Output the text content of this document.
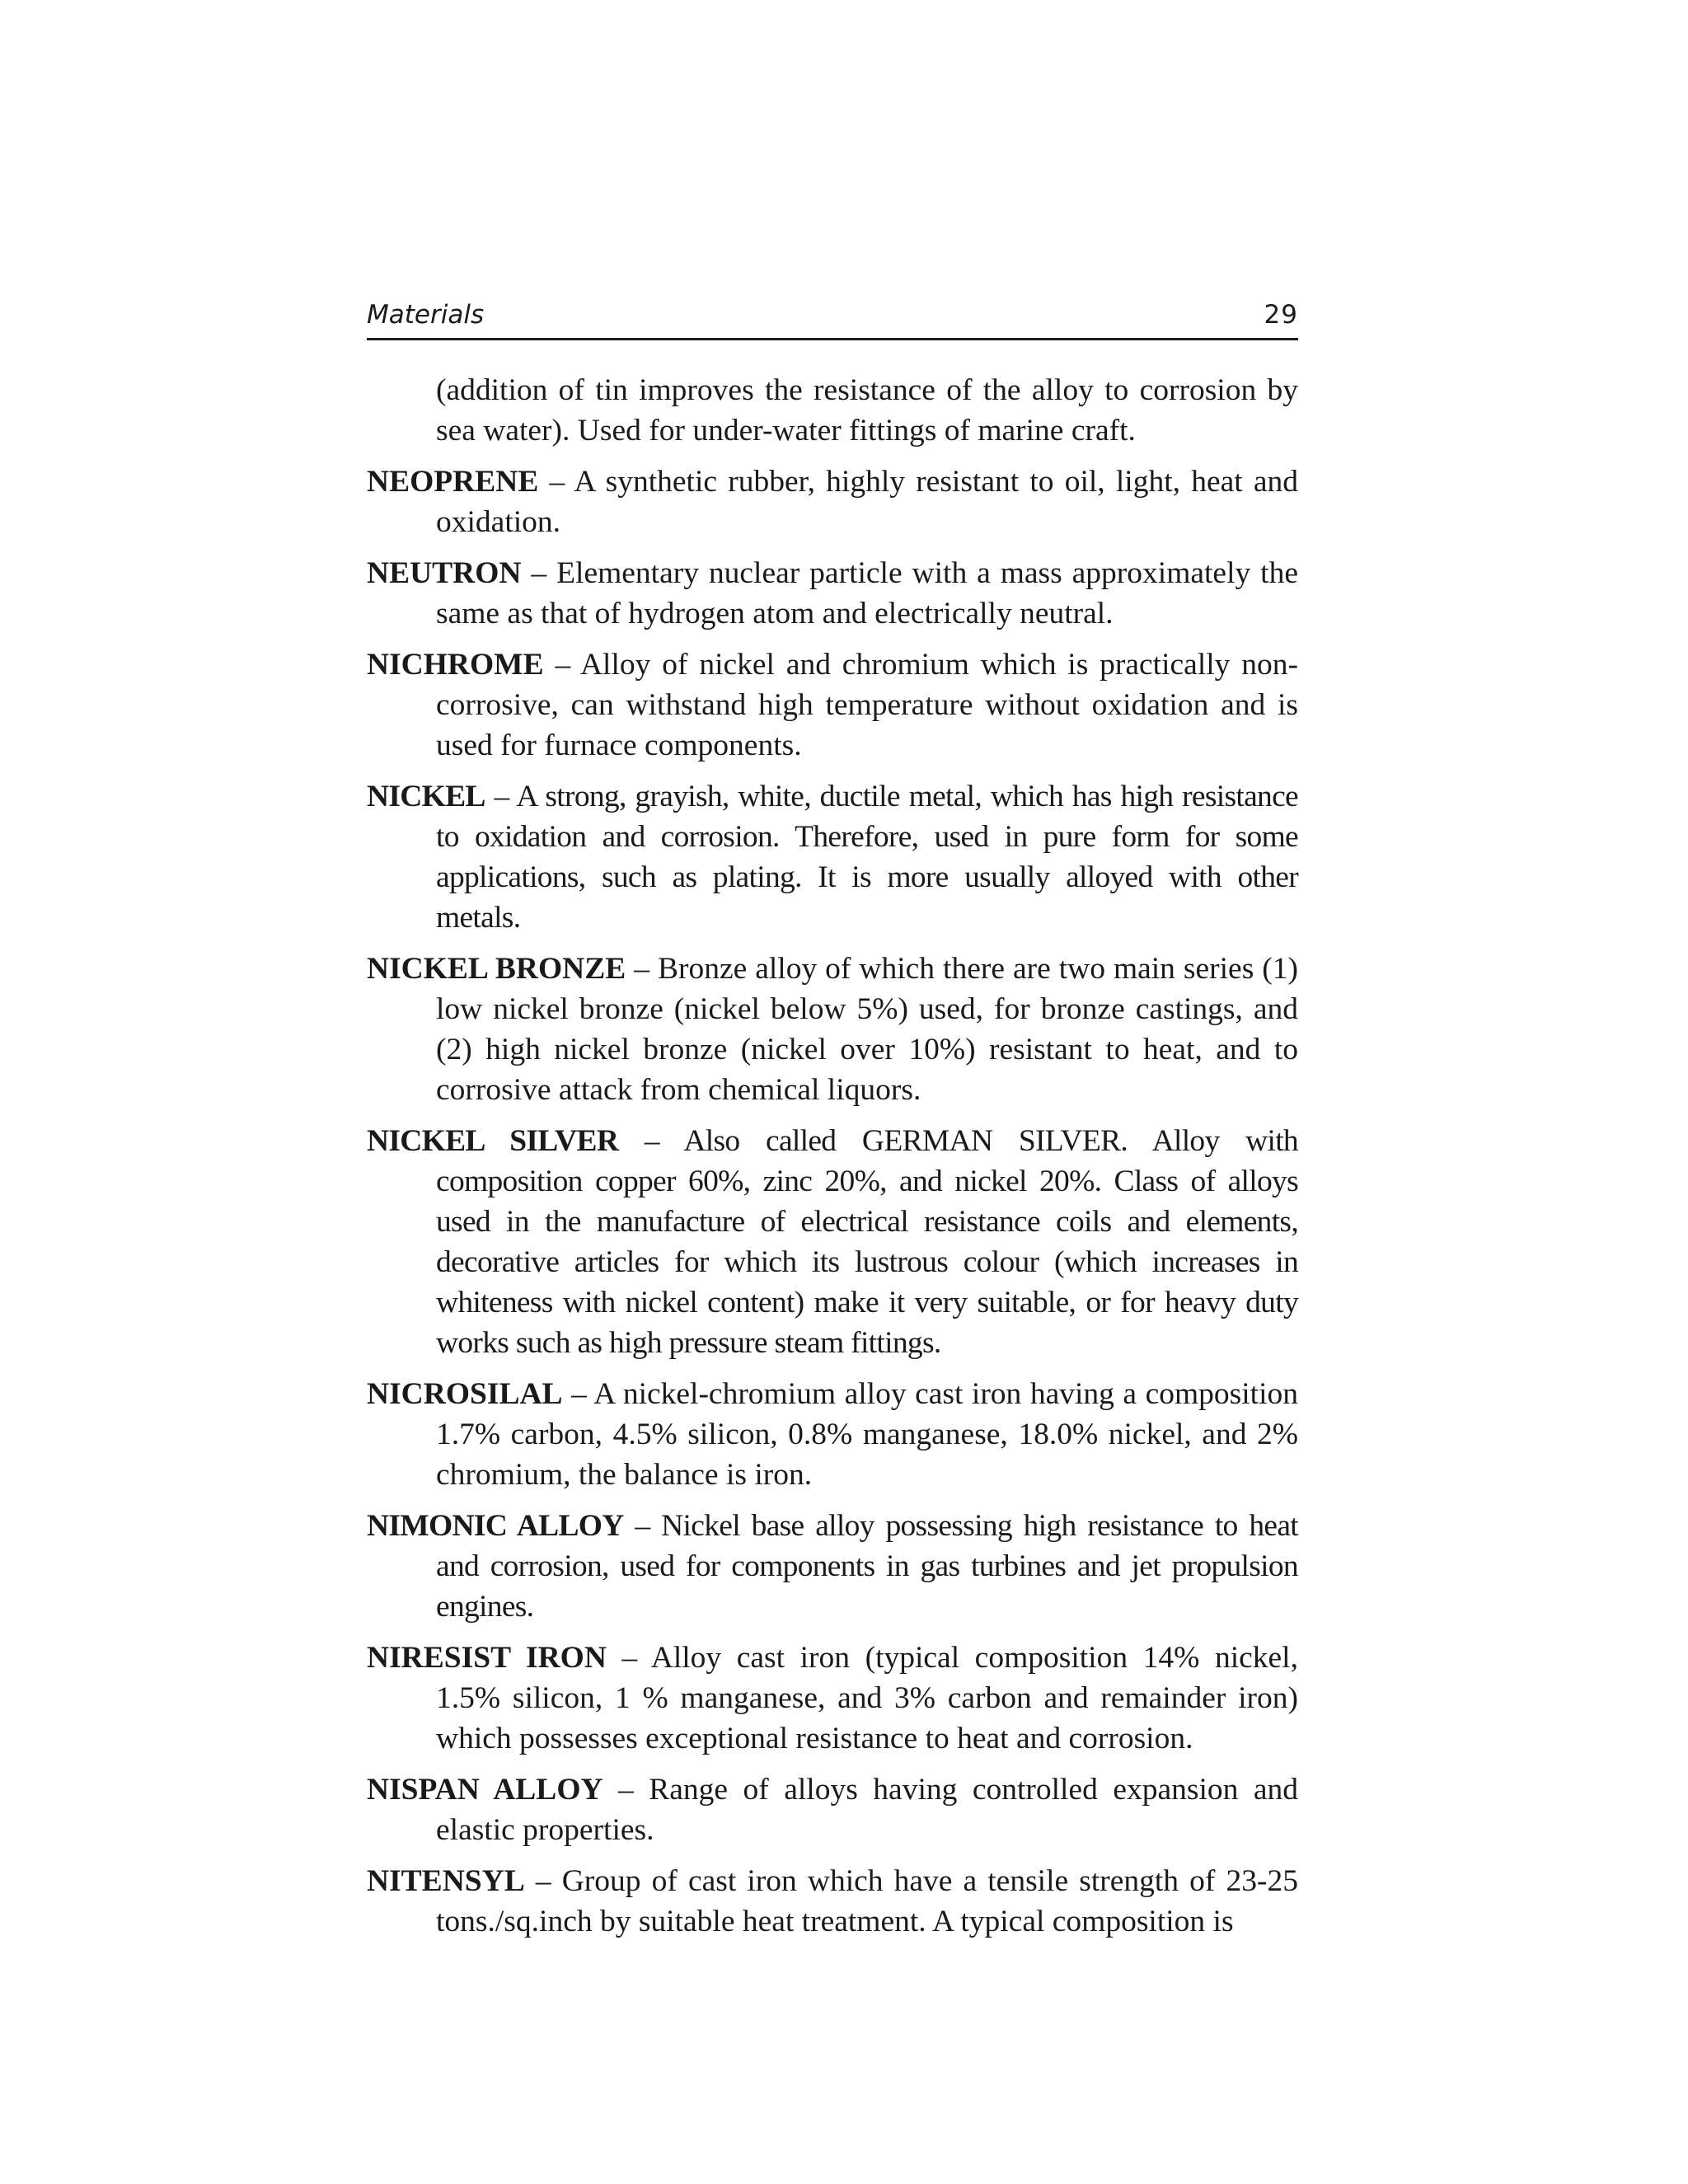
Materials	29

(addition of tin improves the resistance of the alloy to corrosion by sea water). Used for under-water fittings of marine craft.

NEOPRENE – A synthetic rubber, highly resistant to oil, light, heat and oxidation.

NEUTRON – Elementary nuclear particle with a mass approximately the same as that of hydrogen atom and electrically neutral.

NICHROME – Alloy of nickel and chromium which is practically non-corrosive, can withstand high temperature without oxidation and is used for furnace components.

NICKEL – A strong, grayish, white, ductile metal, which has high resistance to oxidation and corrosion. Therefore, used in pure form for some applications, such as plating. It is more usually alloyed with other metals.

NICKEL BRONZE – Bronze alloy of which there are two main series (1) low nickel bronze (nickel below 5%) used, for bronze castings, and (2) high nickel bronze (nickel over 10%) resistant to heat, and to corrosive attack from chemical liquors.

NICKEL SILVER – Also called GERMAN SILVER. Alloy with composition copper 60%, zinc 20%, and nickel 20%. Class of alloys used in the manufacture of electrical resistance coils and elements, decorative articles for which its lustrous colour (which increases in whiteness with nickel content) make it very suitable, or for heavy duty works such as high pressure steam fittings.

NICROSILAL – A nickel-chromium alloy cast iron having a composition 1.7% carbon, 4.5% silicon, 0.8% manganese, 18.0% nickel, and 2% chromium, the balance is iron.

NIMONIC ALLOY – Nickel base alloy possessing high resistance to heat and corrosion, used for components in gas turbines and jet propulsion engines.

NIRESIST IRON – Alloy cast iron (typical composition 14% nickel, 1.5% silicon, 1 % manganese, and 3% carbon and remainder iron) which possesses exceptional resistance to heat and corrosion.

NISPAN ALLOY – Range of alloys having controlled expansion and elastic properties.

NITENSYL – Group of cast iron which have a tensile strength of 23-25 tons./sq.inch by suitable heat treatment. A typical composition is
